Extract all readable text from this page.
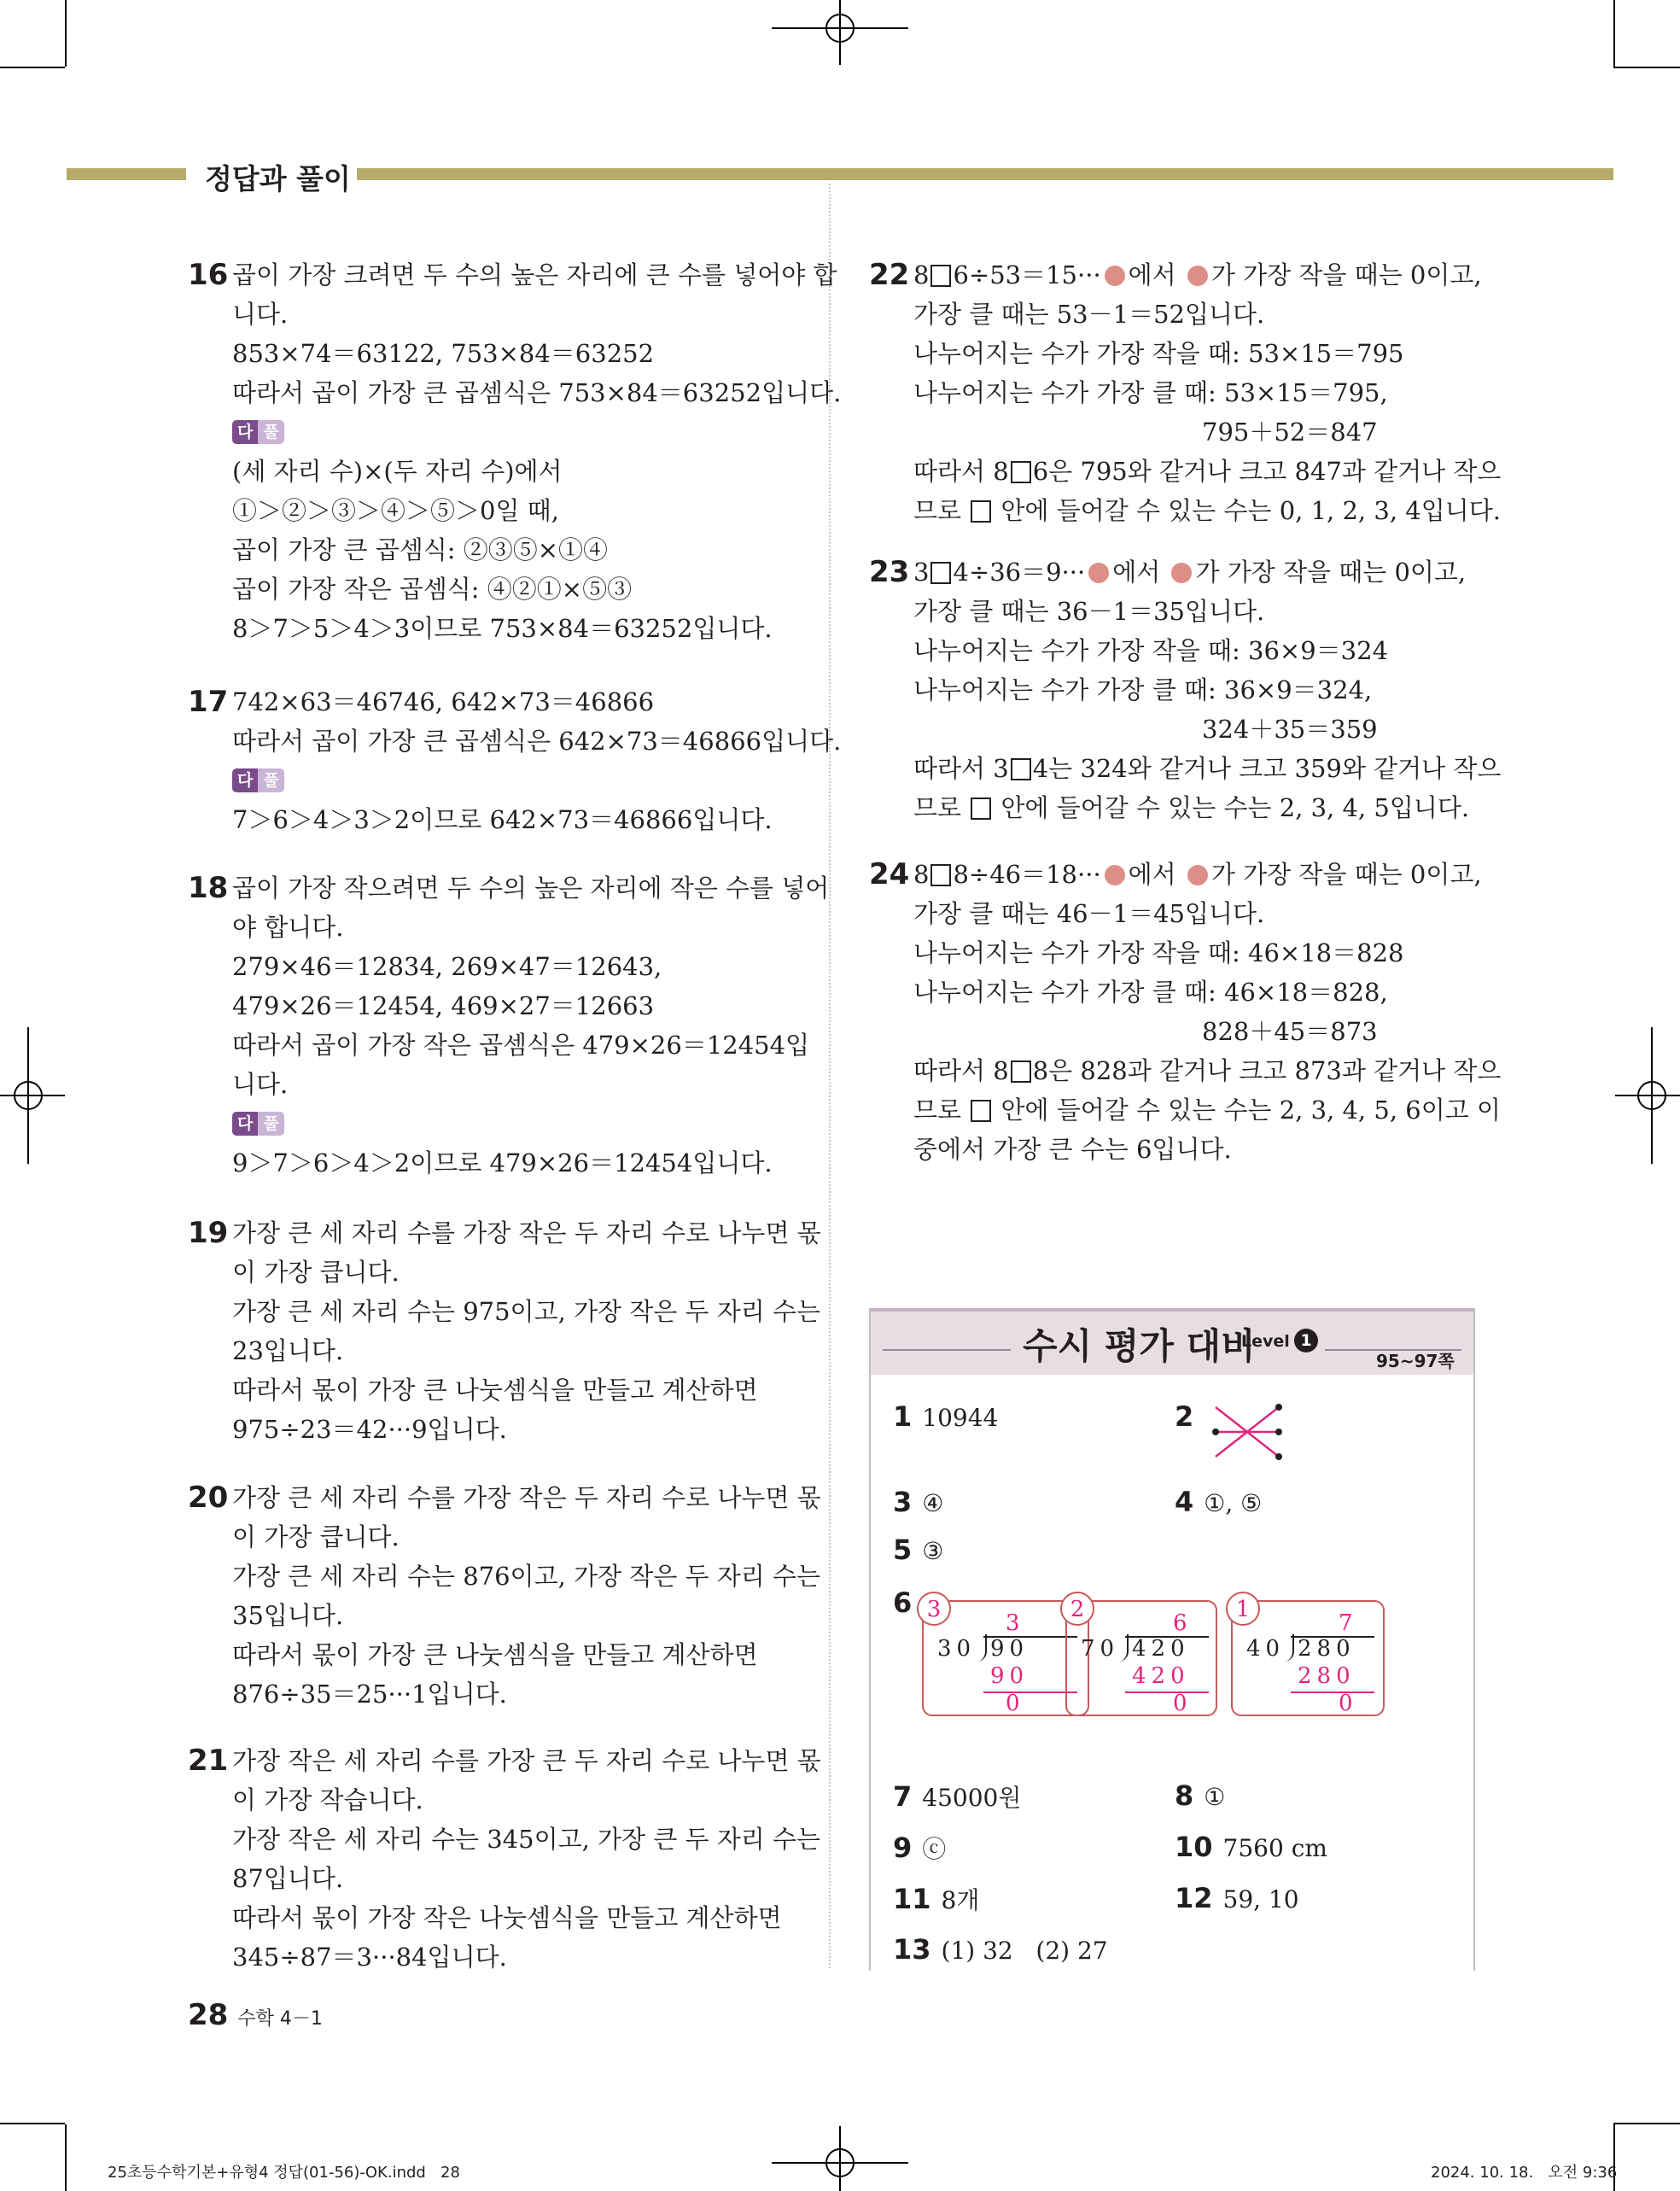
정답과 풀이
16 곱이 가장 크려면 두 수의 높은 자리에 큰 수를 넣어야 합
니다.
853×74＝63122, 753×84＝63252
따라서 곱이 가장 큰 곱셈식은 753×84＝63252입니다.
다 풀
(세 자리 수)×(두 자리 수)에서
①＞②＞③＞④＞⑤＞0일 때,
곱이 가장 큰 곱셈식: ②③⑤×①④
곱이 가장 작은 곱셈식: ④②①×⑤③
8＞7＞5＞4＞3이므로 753×84＝63252입니다.
17 742×63＝46746, 642×73＝46866
따라서 곱이 가장 큰 곱셈식은 642×73＝46866입니다.
다 풀
7＞6＞4＞3＞2이므로 642×73＝46866입니다.
18 곱이 가장 작으려면 두 수의 높은 자리에 작은 수를 넣어
야 합니다.
279×46＝12834, 269×47＝12643,
479×26＝12454, 469×27＝12663
따라서 곱이 가장 작은 곱셈식은 479×26＝12454입
니다.
다 풀
9＞7＞6＞4＞2이므로 479×26＝12454입니다.
19 가장 큰 세 자리 수를 가장 작은 두 자리 수로 나누면 몫
이 가장 큽니다.
가장 큰 세 자리 수는 975이고, 가장 작은 두 자리 수는
23입니다.
따라서 몫이 가장 큰 나눗셈식을 만들고 계산하면
975÷23＝42···9입니다.
20 가장 큰 세 자리 수를 가장 작은 두 자리 수로 나누면 몫
이 가장 큽니다.
가장 큰 세 자리 수는 876이고, 가장 작은 두 자리 수는
35입니다.
따라서 몫이 가장 큰 나눗셈식을 만들고 계산하면
876÷35＝25···1입니다.
21 가장 작은 세 자리 수를 가장 큰 두 자리 수로 나누면 몫
이 가장 작습니다.
가장 작은 세 자리 수는 345이고, 가장 큰 두 자리 수는
87입니다.
따라서 몫이 가장 작은 나눗셈식을 만들고 계산하면
345÷87＝3···84입니다.
22 8 6÷53＝15··· 에서 가 가장 작을 때는 0이고,
가장 클 때는 53－1＝52입니다.
나누어지는 수가 가장 작을 때: 53×15＝795
나누어지는 수가 가장 클 때: 53×15＝795,
795＋52＝847
따라서 8 6은 795와 같거나 크고 847과 같거나 작으
므로 안에 들어갈 수 있는 수는 0, 1, 2, 3, 4입니다.
23 3 4÷36＝9··· 에서 가 가장 작을 때는 0이고,
가장 클 때는 36－1＝35입니다.
나누어지는 수가 가장 작을 때: 36×9＝324
나누어지는 수가 가장 클 때: 36×9＝324,
324＋35＝359
따라서 3 4는 324와 같거나 크고 359와 같거나 작으
므로 안에 들어갈 수 있는 수는 2, 3, 4, 5입니다.
24 8 8÷46＝18··· 에서 가 가장 작을 때는 0이고,
가장 클 때는 46－1＝45입니다.
나누어지는 수가 가장 작을 때: 46×18＝828
나누어지는 수가 가장 클 때: 46×18＝828,
828＋45＝873
따라서 8 8은 828과 같거나 크고 873과 같거나 작으
므로 안에 들어갈 수 있는 수는 2, 3, 4, 5, 6이고 이
중에서 가장 큰 수는 6입니다.
수시 평가 대비
Level 1
95~97쪽
1 10944	2
3 ④	4 ①, ⑤
5 ③
6 3
3
30 90
90
0
2
6
70 420
420
0
1
7
40 280
280
0
7 45000원	8 ①
9 ⓒ	10 7560 cm
11 8개	12 59, 10
13 (1) 32   (2) 27
28 수학 4－1
25초등수학기본+유형4 정답(01-56)-OK.indd   28	2024. 10. 18.   오전 9:36
